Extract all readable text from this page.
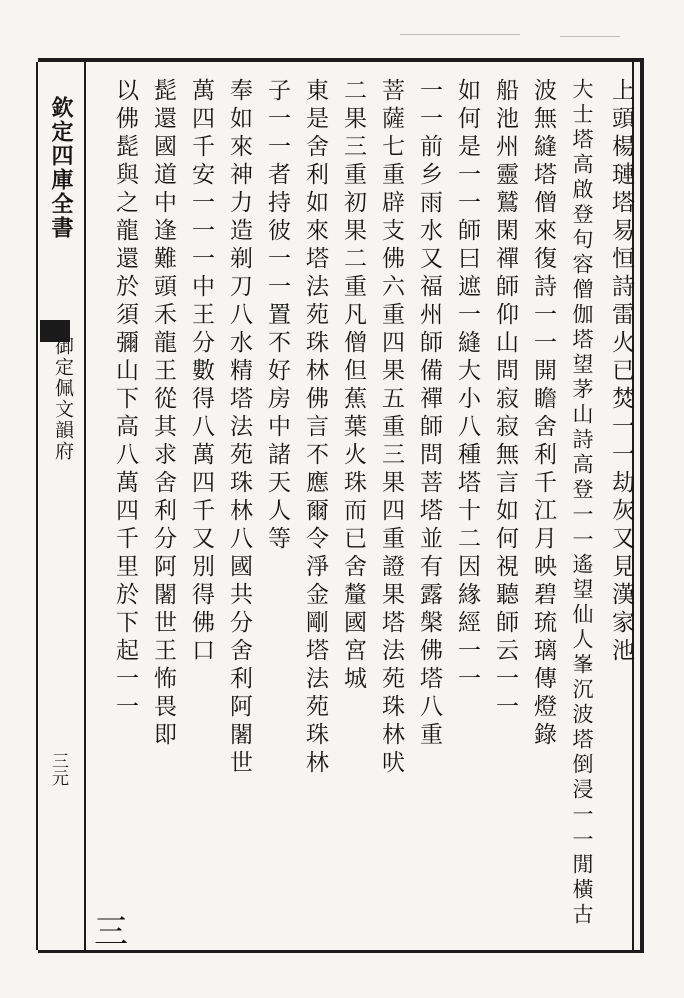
欽定四庫全書
御定佩文韻府
三元
上頭楊璉塔易恒詩雷火已焚一一劫灰又見漢家池
大士塔高啟登句容僧伽塔望茅山詩高登一一遙望仙人峯沉波塔倒浸一一閒橫古
波無縫塔僧來復詩一一開瞻舍利千江月映碧琉璃傳燈錄
船池州靈鷲閑禪師仰山問寂寂無言如何視聽師云一一
如何是一一師曰遮一縫大小八種塔十二因緣經一一
一一前乡雨水又福州師備禪師問菩塔並有露槃佛塔八重
菩薩七重辟支佛六重四果五重三果四重證果塔法苑珠林吠
二果三重初果二重凡僧但蕉葉火珠而已舍釐國宮城
東是舍利如來塔法苑珠林佛言不應爾令淨金剛塔法苑珠林
子一一者持彼一一置不好房中諸天人等
奉如來神力造剃刀八水精塔法苑珠林八國共分舍利阿闍世
萬四千安一一一中王分數得八萬四千又別得佛口
髭還國道中逢難頭禾龍王從其求舍利分阿闍世王怖畏即
以佛髭與之龍還於須彌山下高八萬四千里於下起一一
三
